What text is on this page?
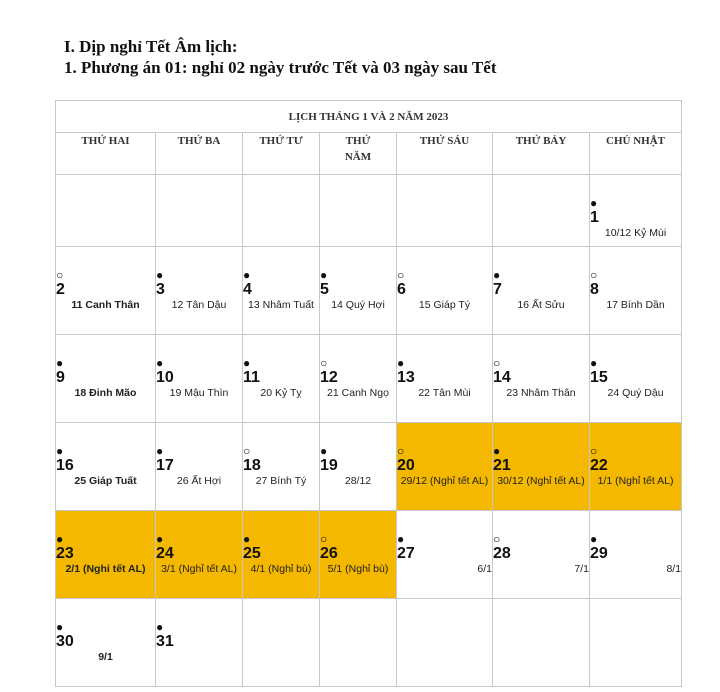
I. Dịp nghỉ Tết Âm lịch:
1. Phương án 01: nghỉ 02 ngày trước Tết và 03 ngày sau Tết
LỊCH THÁNG 1 VÀ 2 NĂM 2023						
THỨ HAI	THỨ BA	THỨ TƯ	THỨ NĂM	THỨ SÁU	THỨ BẢY	CHỦ NHẬT

						●
1
10/12 Kỷ Mùi

○
2
11 Canh Thân	●
3
12 Tân Dậu	●
4
13 Nhâm Tuất	●
5
14 Quý Hợi	○
6
15 Giáp Tý	●
7
16 Ất Sửu	○
8
17 Bính Dần

●
9
18 Đinh Mão	●
10
19 Mậu Thìn	●
11
20 Kỷ Tỵ	○
12
21 Canh Ngọ	●
13
22 Tân Mùi	○
14
23 Nhâm Thân	●
15
24 Quý Dậu

●
16
25 Giáp Tuất	●
17
26 Ất Hợi	○
18
27 Bính Tý	●
19
28/12	○
20
29/12 (Nghỉ tết AL)	●
21
30/12 (Nghỉ tết AL)	○
22
1/1 (Nghỉ tết AL)

●
23
2/1 (Nghỉ tết AL)	●
24
3/1 (Nghỉ tết AL)	●
25
4/1 (Nghỉ bù)	○
26
5/1 (Nghỉ bù)	●
27
6/1	○
28
7/1	●
29
8/1

●
30
9/1	●
31					
